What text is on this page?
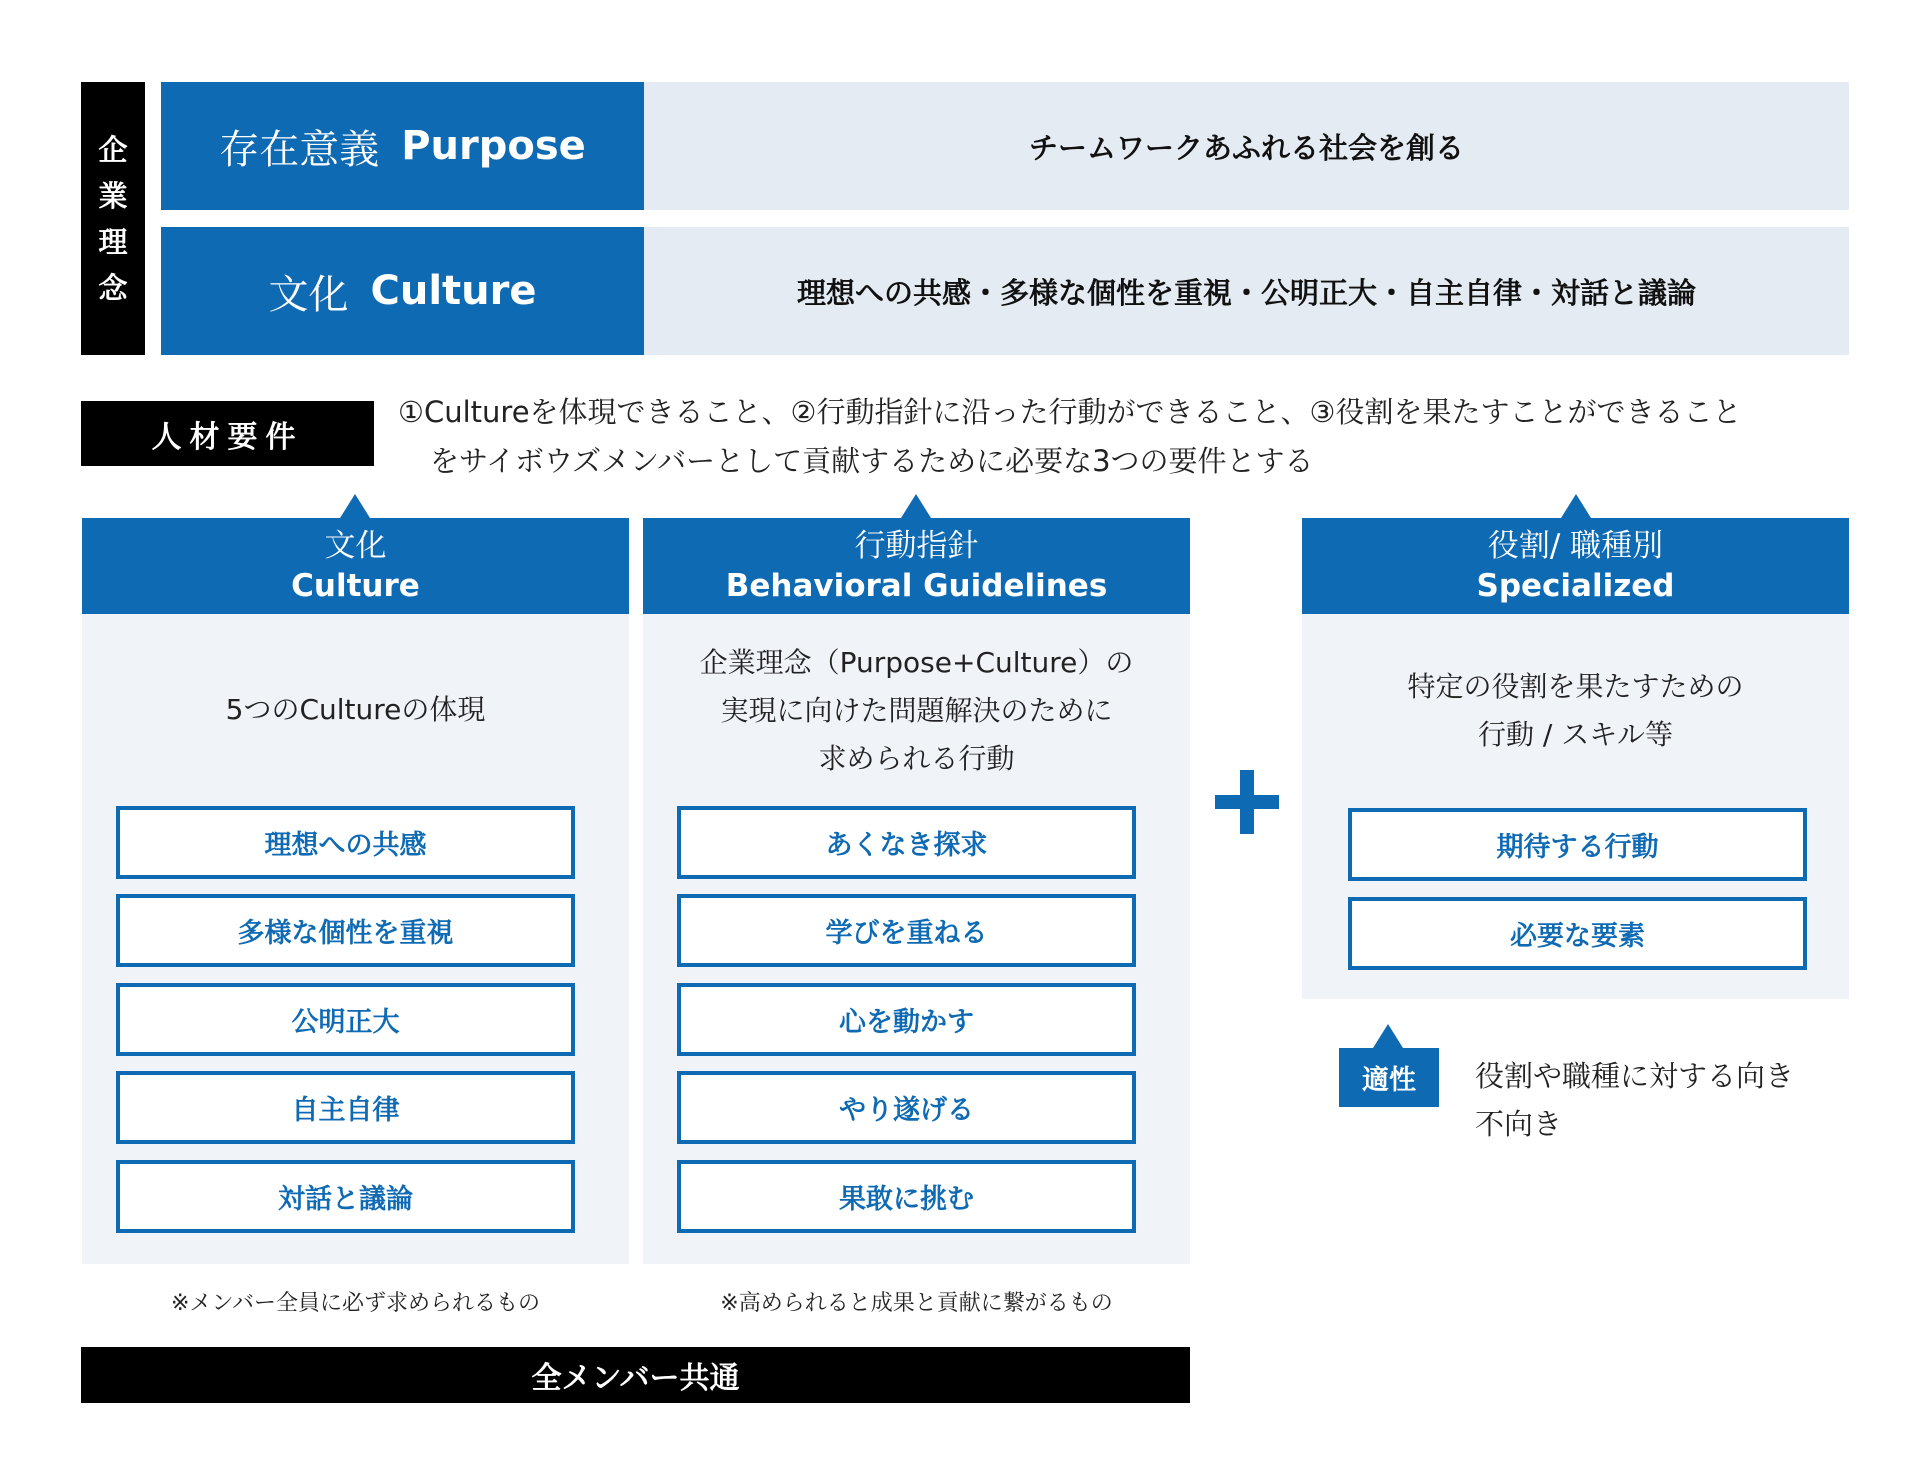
企
業
理
念
存在意義 Purpose	チームワークあふれる社会を創る
文化 Culture	理想への共感・多様な個性を重視・公明正大・自主自律・対話と議論
人材要件
①Cultureを体現できること、②行動指針に沿った行動ができること、③役割を果たすことができること
をサイボウズメンバーとして貢献するために必要な3つの要件とする
文化
Culture
5つのCultureの体現
理想への共感
多様な個性を重視
公明正大
自主自律
対話と議論
※メンバー全員に必ず求められるもの
行動指針
Behavioral Guidelines
企業理念（Purpose+Culture）の
実現に向けた問題解決のために
求められる行動
あくなき探求
学びを重ねる
心を動かす
やり遂げる
果敢に挑む
※高められると成果と貢献に繋がるもの
役割/ 職種別
Specialized
特定の役割を果たすための
行動 / スキル等
期待する行動
必要な要素
適性 役割や職種に対する向き
不向き
全メンバー共通
